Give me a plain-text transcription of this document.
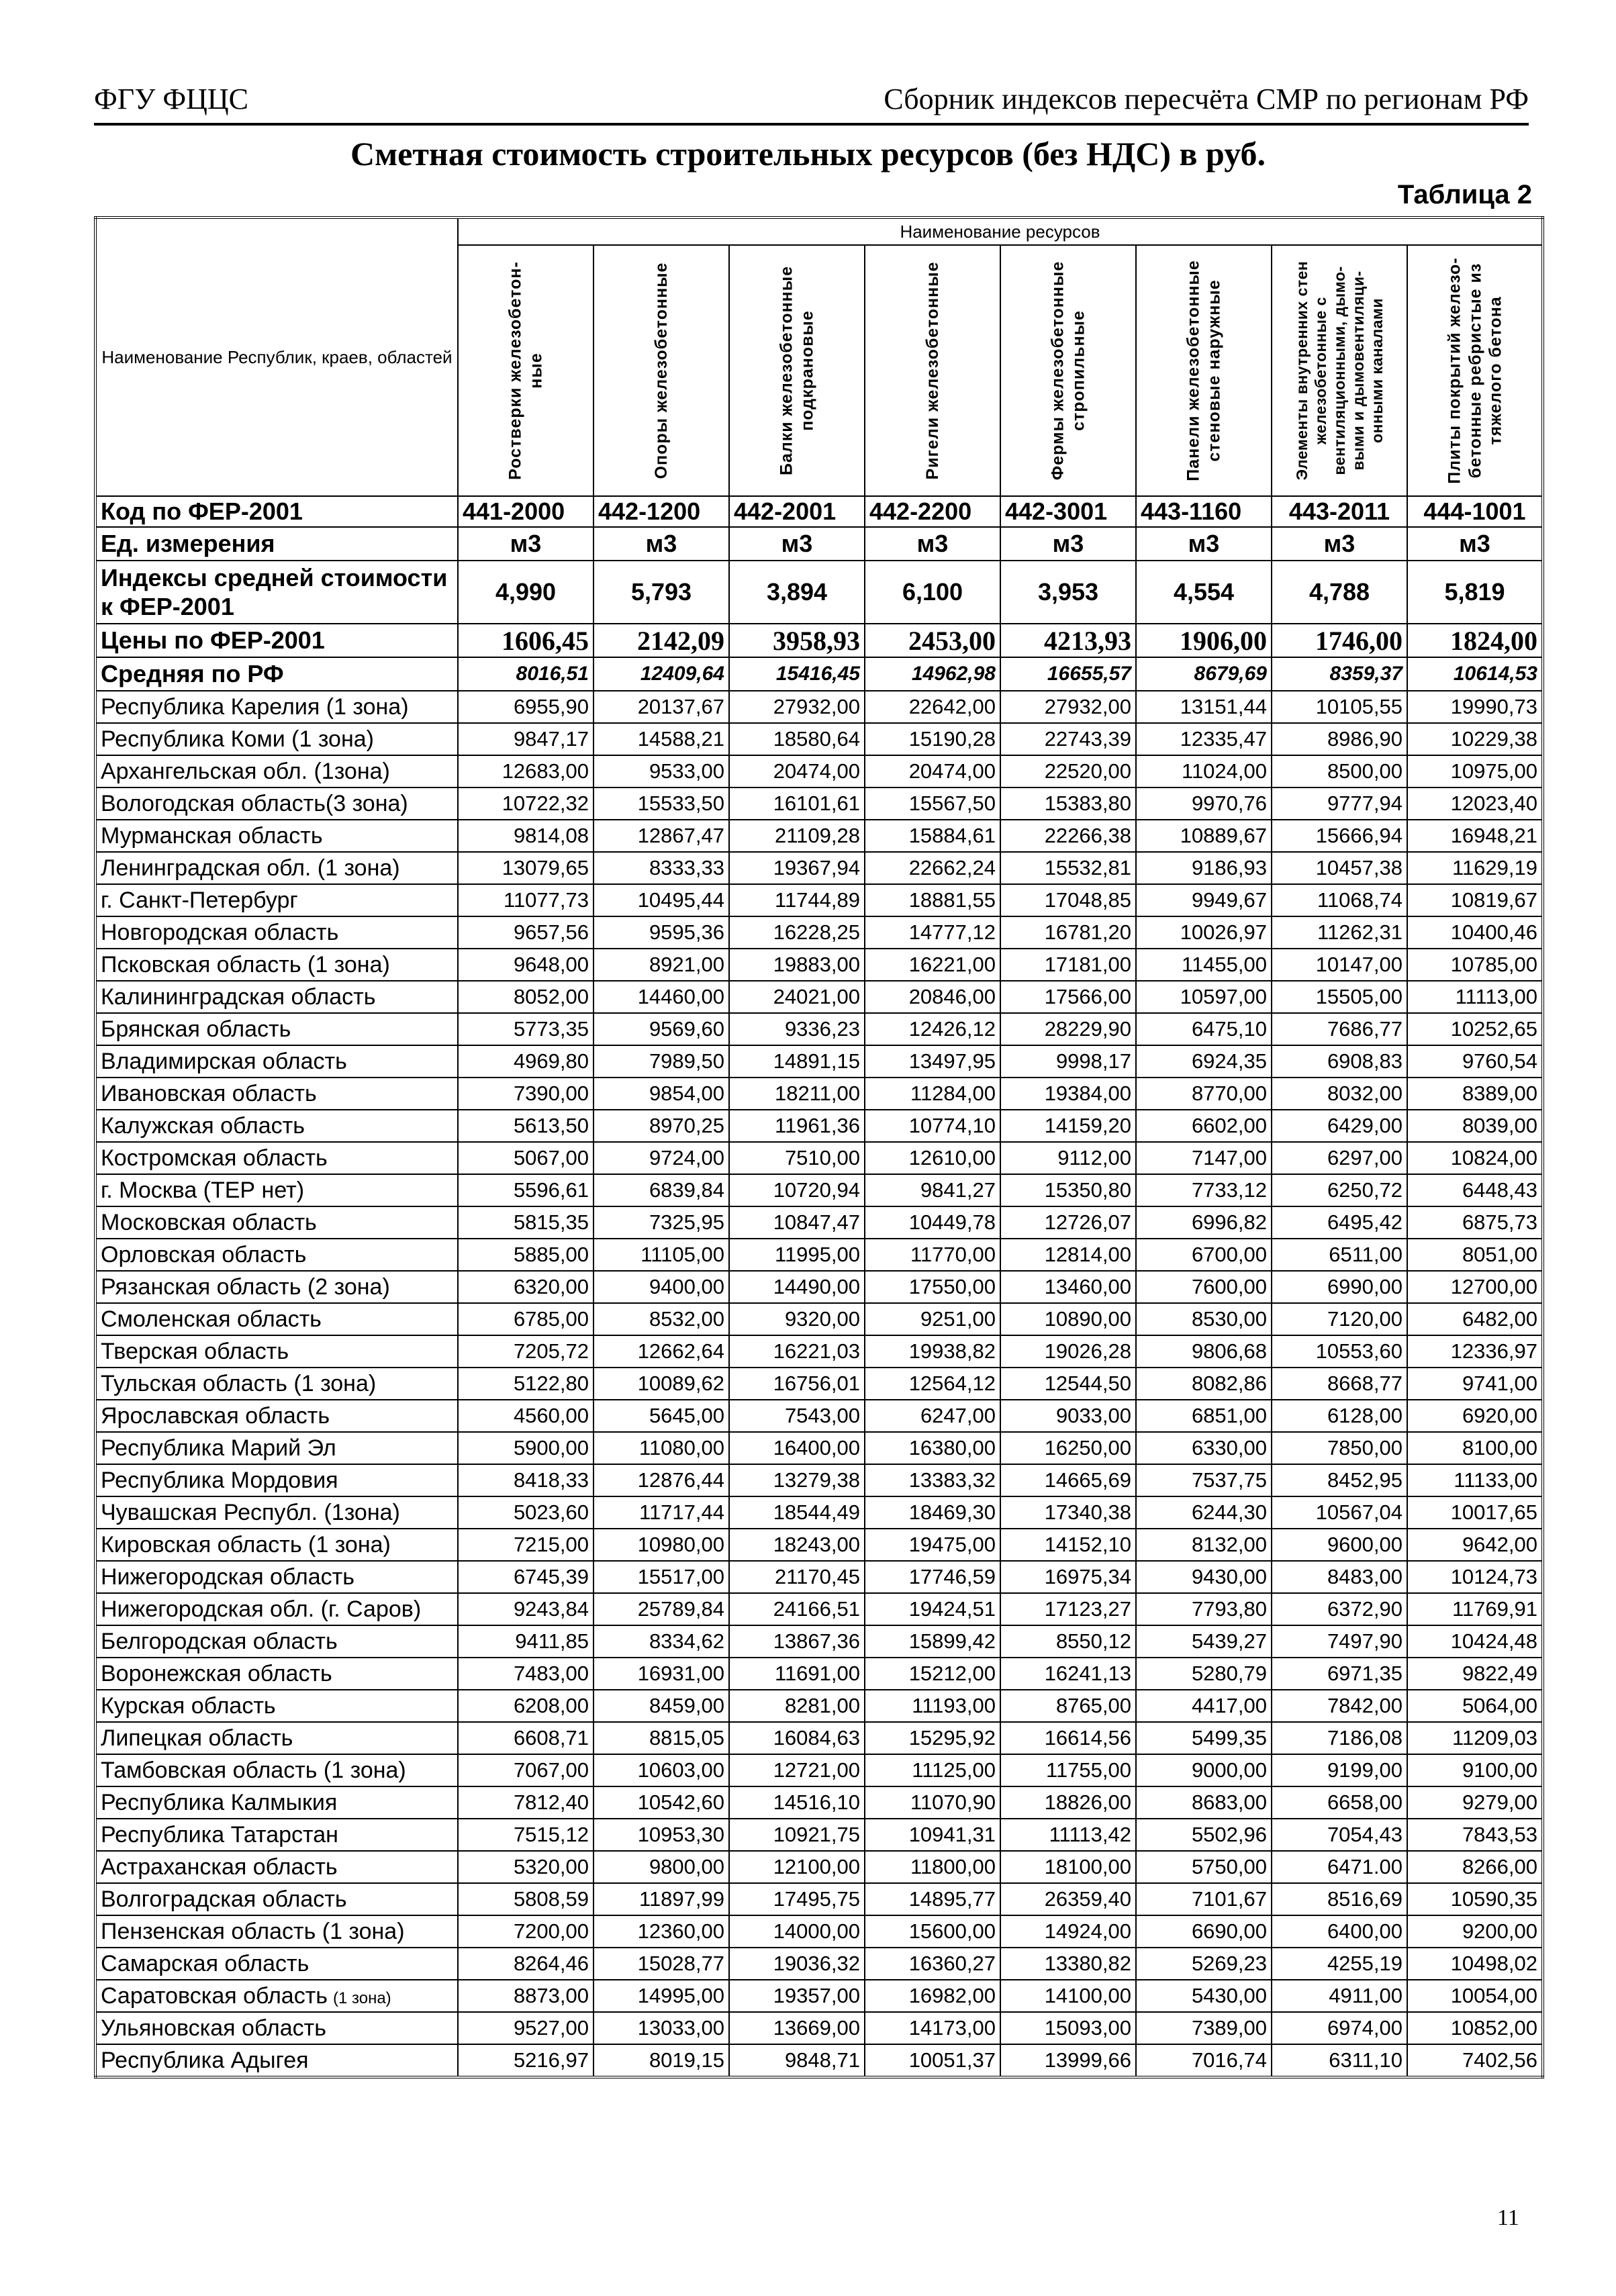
ФГУ ФЦЦС	Сборник индексов пересчёта СМР по регионам РФ
Сметная стоимость строительных ресурсов (без НДС) в руб.
Таблица 2
Наименование Республик, краев, областей	Наименование ресурсов							

	Ростверки железобетон-ные	Опоры железобетонные	Балки железобетонные подкрановые	Ригели железобетонные	Фермы железобетонные стропильные	Панели железобетонные стеновые наружные	Элементы внутренних стен железобетонные с вентиляционными, дымо-выми и дымовентиляци-онными каналами	Плиты покрытий железо-бетонные ребристые из тяжелого бетона

Код по ФЕР-2001	441-2000	442-1200	442-2001	442-2200	442-3001	443-1160	443-2011	444-1001
Ед. измерения	м3	м3	м3	м3	м3	м3	м3	м3
Индексы средней стоимости к ФЕР-2001	4,990	5,793	3,894	6,100	3,953	4,554	4,788	5,819
Цены по ФЕР-2001	1606,45	2142,09	3958,93	2453,00	4213,93	1906,00	1746,00	1824,00
Средняя по РФ	8016,51	12409,64	15416,45	14962,98	16655,57	8679,69	8359,37	10614,53
Республика Карелия (1 зона)	6955,90	20137,67	27932,00	22642,00	27932,00	13151,44	10105,55	19990,73
Республика Коми (1 зона)	9847,17	14588,21	18580,64	15190,28	22743,39	12335,47	8986,90	10229,38
Архангельская обл. (1зона)	12683,00	9533,00	20474,00	20474,00	22520,00	11024,00	8500,00	10975,00
Вологодская область(3 зона)	10722,32	15533,50	16101,61	15567,50	15383,80	9970,76	9777,94	12023,40
Мурманская область	9814,08	12867,47	21109,28	15884,61	22266,38	10889,67	15666,94	16948,21
Ленинградская обл. (1 зона)	13079,65	8333,33	19367,94	22662,24	15532,81	9186,93	10457,38	11629,19
г. Санкт-Петербург	11077,73	10495,44	11744,89	18881,55	17048,85	9949,67	11068,74	10819,67
Новгородская область	9657,56	9595,36	16228,25	14777,12	16781,20	10026,97	11262,31	10400,46
Псковская область (1 зона)	9648,00	8921,00	19883,00	16221,00	17181,00	11455,00	10147,00	10785,00
Калининградская область	8052,00	14460,00	24021,00	20846,00	17566,00	10597,00	15505,00	11113,00
Брянская область	5773,35	9569,60	9336,23	12426,12	28229,90	6475,10	7686,77	10252,65
Владимирская область	4969,80	7989,50	14891,15	13497,95	9998,17	6924,35	6908,83	9760,54
Ивановская область	7390,00	9854,00	18211,00	11284,00	19384,00	8770,00	8032,00	8389,00
Калужская область	5613,50	8970,25	11961,36	10774,10	14159,20	6602,00	6429,00	8039,00
Костромская область	5067,00	9724,00	7510,00	12610,00	9112,00	7147,00	6297,00	10824,00
г. Москва (ТЕР нет)	5596,61	6839,84	10720,94	9841,27	15350,80	7733,12	6250,72	6448,43
Московская область	5815,35	7325,95	10847,47	10449,78	12726,07	6996,82	6495,42	6875,73
Орловская область	5885,00	11105,00	11995,00	11770,00	12814,00	6700,00	6511,00	8051,00
Рязанская область (2 зона)	6320,00	9400,00	14490,00	17550,00	13460,00	7600,00	6990,00	12700,00
Смоленская область	6785,00	8532,00	9320,00	9251,00	10890,00	8530,00	7120,00	6482,00
Тверская область	7205,72	12662,64	16221,03	19938,82	19026,28	9806,68	10553,60	12336,97
Тульская область (1 зона)	5122,80	10089,62	16756,01	12564,12	12544,50	8082,86	8668,77	9741,00
Ярославская область	4560,00	5645,00	7543,00	6247,00	9033,00	6851,00	6128,00	6920,00
Республика Марий Эл	5900,00	11080,00	16400,00	16380,00	16250,00	6330,00	7850,00	8100,00
Республика Мордовия	8418,33	12876,44	13279,38	13383,32	14665,69	7537,75	8452,95	11133,00
Чувашская Республ. (1зона)	5023,60	11717,44	18544,49	18469,30	17340,38	6244,30	10567,04	10017,65
Кировская область (1 зона)	7215,00	10980,00	18243,00	19475,00	14152,10	8132,00	9600,00	9642,00
Нижегородская область	6745,39	15517,00	21170,45	17746,59	16975,34	9430,00	8483,00	10124,73
Нижегородская обл. (г. Саров)	9243,84	25789,84	24166,51	19424,51	17123,27	7793,80	6372,90	11769,91
Белгородская область	9411,85	8334,62	13867,36	15899,42	8550,12	5439,27	7497,90	10424,48
Воронежская область	7483,00	16931,00	11691,00	15212,00	16241,13	5280,79	6971,35	9822,49
Курская область	6208,00	8459,00	8281,00	11193,00	8765,00	4417,00	7842,00	5064,00
Липецкая область	6608,71	8815,05	16084,63	15295,92	16614,56	5499,35	7186,08	11209,03
Тамбовская область (1 зона)	7067,00	10603,00	12721,00	11125,00	11755,00	9000,00	9199,00	9100,00
Республика Калмыкия	7812,40	10542,60	14516,10	11070,90	18826,00	8683,00	6658,00	9279,00
Республика Татарстан	7515,12	10953,30	10921,75	10941,31	11113,42	5502,96	7054,43	7843,53
Астраханская область	5320,00	9800,00	12100,00	11800,00	18100,00	5750,00	6471.00	8266,00
Волгоградская область	5808,59	11897,99	17495,75	14895,77	26359,40	7101,67	8516,69	10590,35
Пензенская область (1 зона)	7200,00	12360,00	14000,00	15600,00	14924,00	6690,00	6400,00	9200,00
Самарская область	8264,46	15028,77	19036,32	16360,27	13380,82	5269,23	4255,19	10498,02
Саратовская область (1 зона)	8873,00	14995,00	19357,00	16982,00	14100,00	5430,00	4911,00	10054,00
Ульяновская область	9527,00	13033,00	13669,00	14173,00	15093,00	7389,00	6974,00	10852,00
Республика Адыгея	5216,97	8019,15	9848,71	10051,37	13999,66	7016,74	6311,10	7402,56
11
